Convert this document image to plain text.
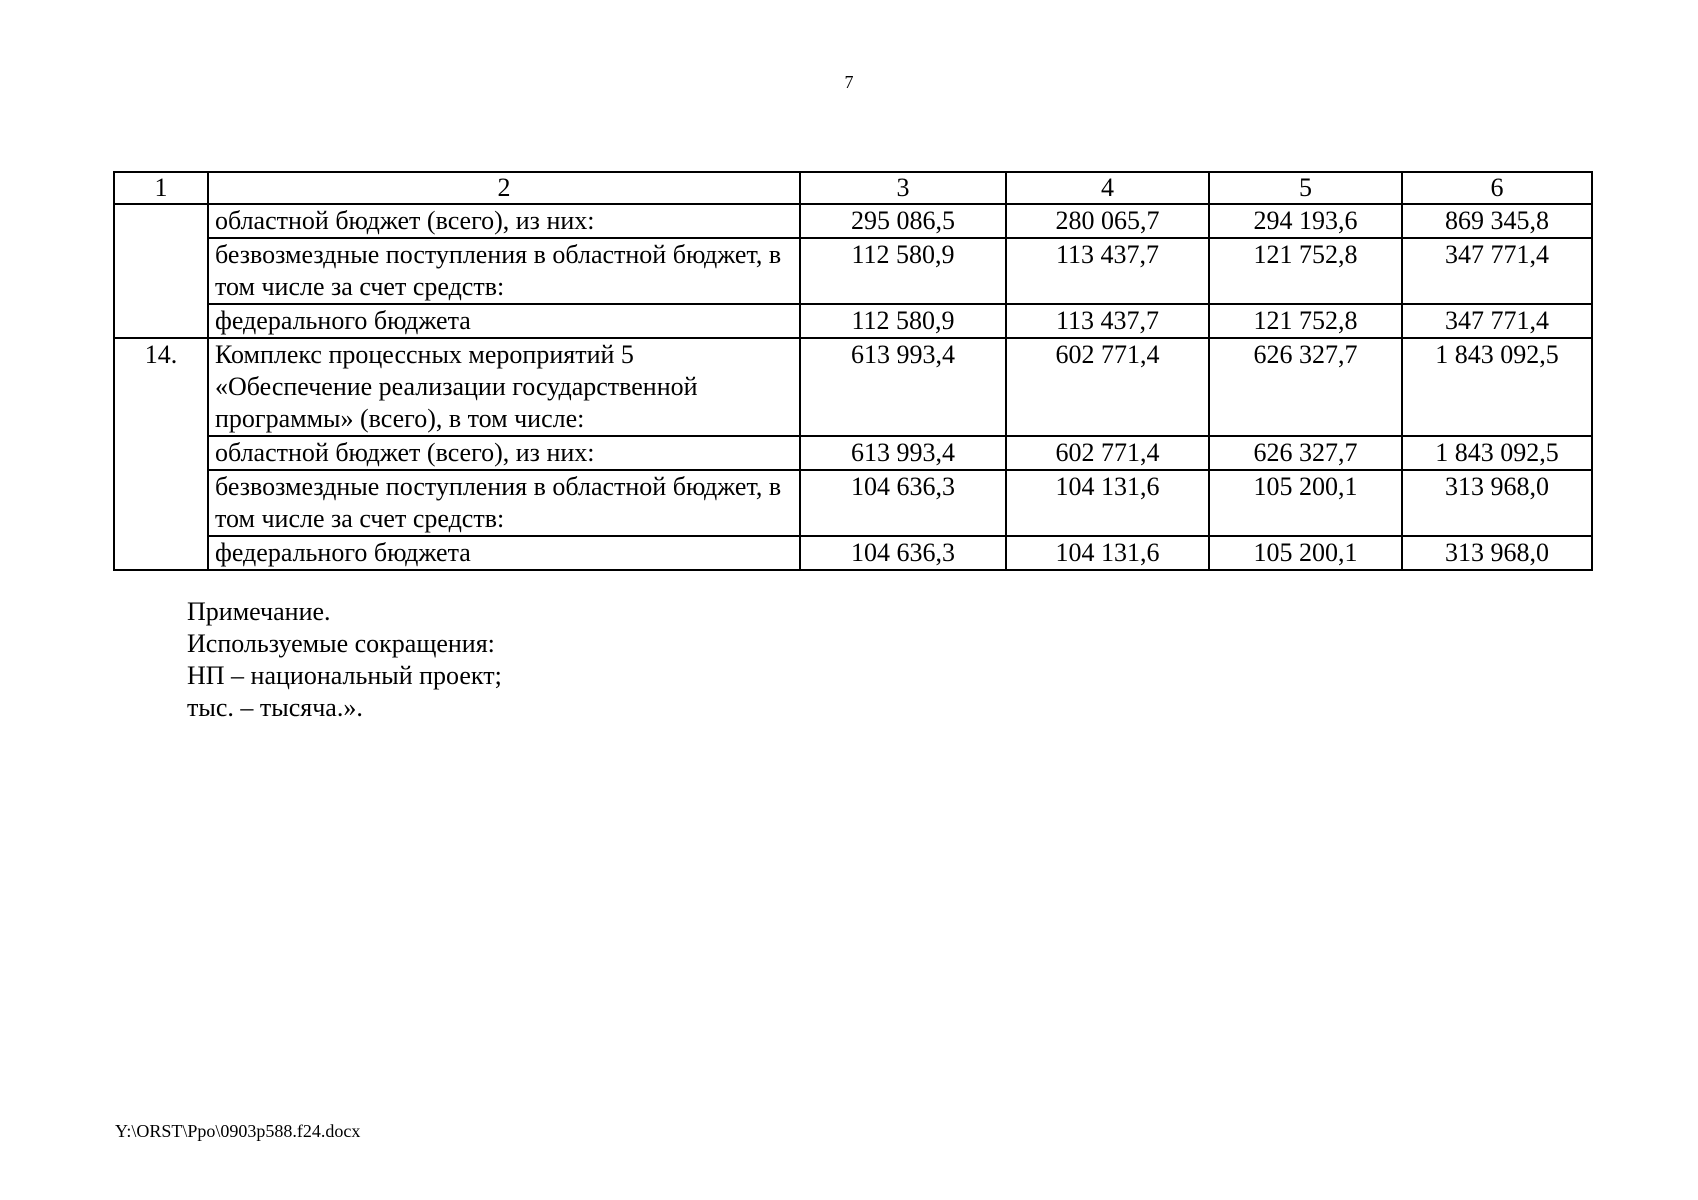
7
1	2	3	4	5	6
	областной бюджет (всего), из них:	295 086,5	280 065,7	294 193,6	869 345,8
	безвозмездные поступления в областной бюджет, в том числе за счет средств:	112 580,9	113 437,7	121 752,8	347 771,4
	федерального бюджета	112 580,9	113 437,7	121 752,8	347 771,4
14.	Комплекс процессных мероприятий 5 «Обеспечение реализации государственной программы» (всего), в том числе:	613 993,4	602 771,4	626 327,7	1 843 092,5
	областной бюджет (всего), из них:	613 993,4	602 771,4	626 327,7	1 843 092,5
	безвозмездные поступления в областной бюджет, в том числе за счет средств:	104 636,3	104 131,6	105 200,1	313 968,0
	федерального бюджета	104 636,3	104 131,6	105 200,1	313 968,0
Примечание.
Используемые сокращения:
НП – национальный проект;
тыс. – тысяча.».
Y:\ORST\Ppo\0903p588.f24.docx
